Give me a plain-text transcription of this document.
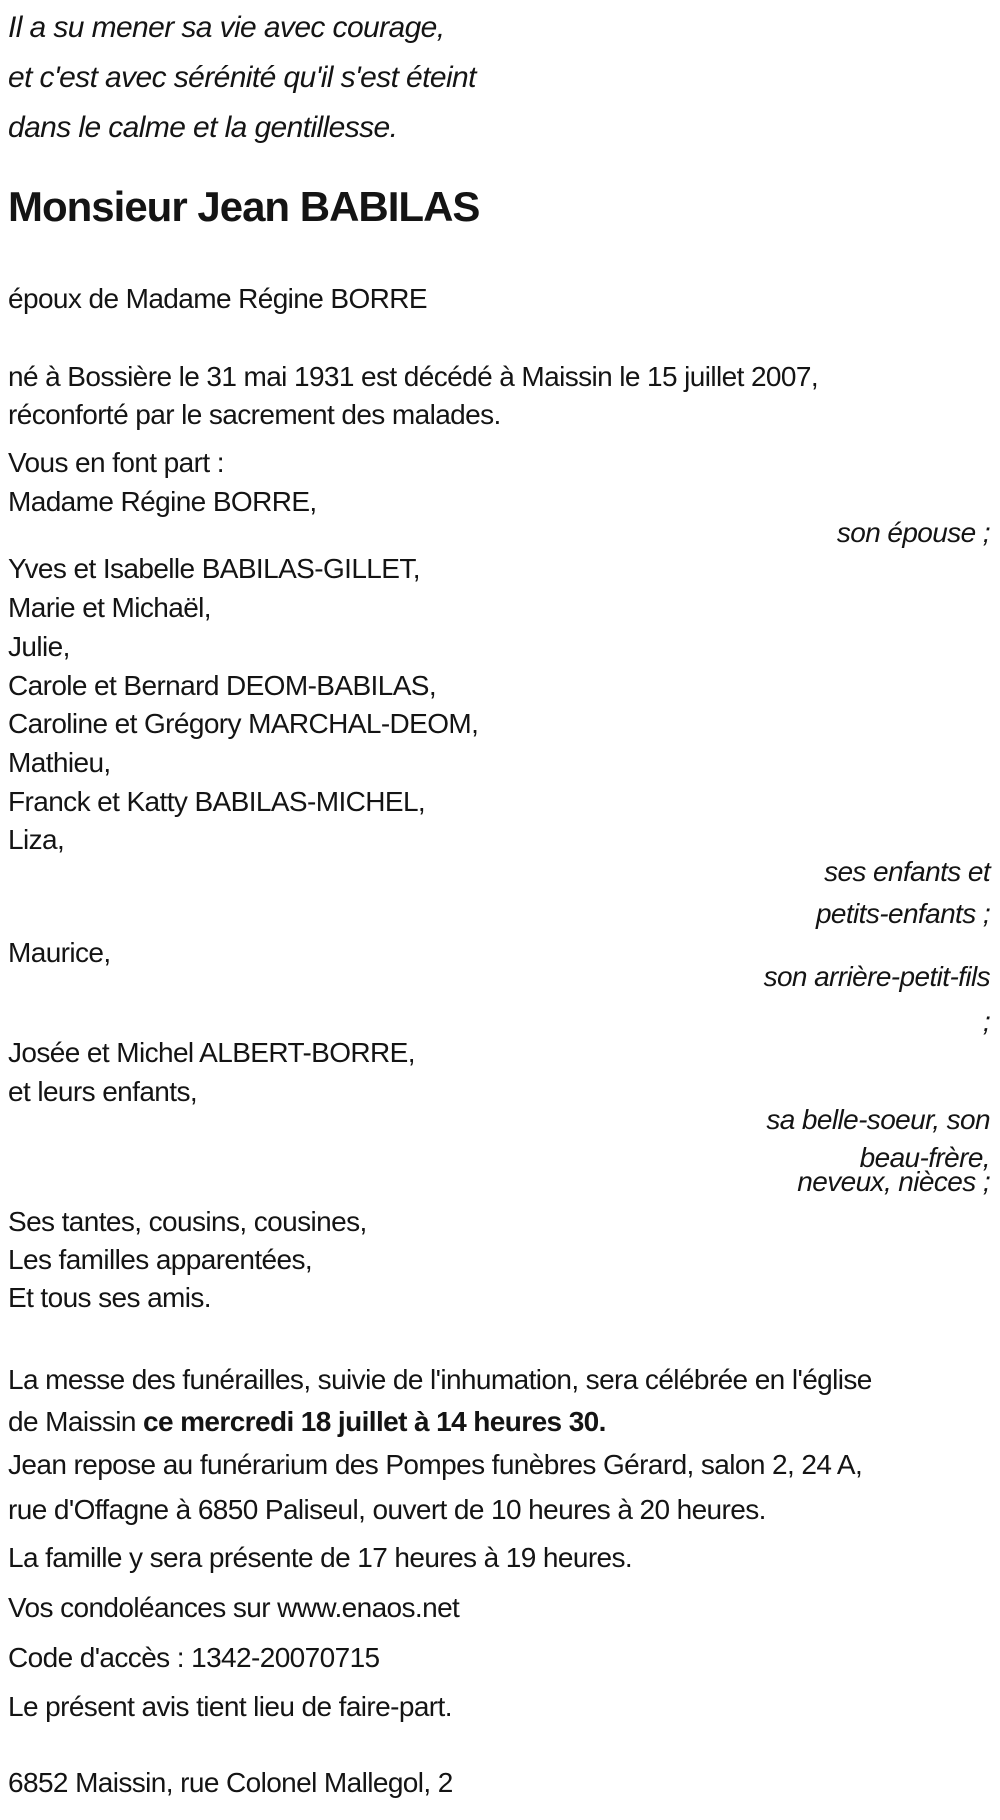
Il a su mener sa vie avec courage,
et c'est avec sérénité qu'il s'est éteint
dans le calme et la gentillesse.
Monsieur Jean BABILAS
époux de Madame Régine BORRE
né à Bossière le 31 mai 1931 est décédé à Maissin le 15 juillet 2007,
réconforté par le sacrement des malades.
Vous en font part :
Madame Régine BORRE,
son épouse ;
Yves et Isabelle BABILAS-GILLET,
Marie et Michaël,
Julie,
Carole et Bernard DEOM-BABILAS,
Caroline et Grégory MARCHAL-DEOM,
Mathieu,
Franck et Katty BABILAS-MICHEL,
Liza,
ses enfants et
petits-enfants ;
Maurice,
son arrière-petit-fils
;
Josée et Michel ALBERT-BORRE,
et leurs enfants,
sa belle-soeur, son
beau-frère,
neveux, nièces ;
Ses tantes, cousins, cousines,
Les familles apparentées,
Et tous ses amis.
La messe des funérailles, suivie de l'inhumation, sera célébrée en l'église
de Maissin ce mercredi 18 juillet à 14 heures 30.
Jean repose au funérarium des Pompes funèbres Gérard, salon 2, 24 A,
rue d'Offagne à 6850 Paliseul, ouvert de 10 heures à 20 heures.
La famille y sera présente de 17 heures à 19 heures.
Vos condoléances sur www.enaos.net
Code d'accès : 1342-20070715
Le présent avis tient lieu de faire-part.
6852 Maissin, rue Colonel Mallegol, 2
